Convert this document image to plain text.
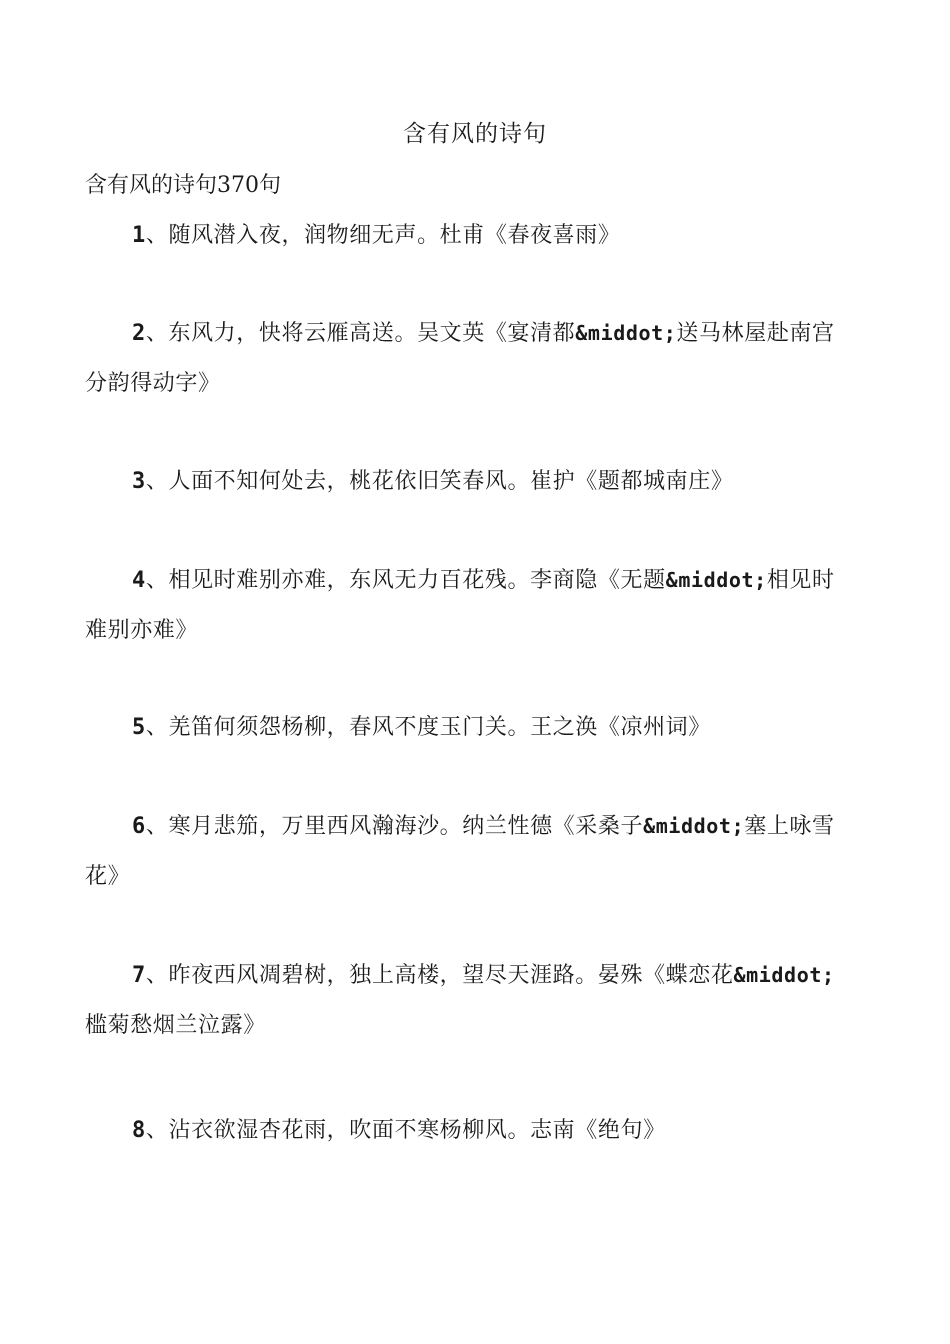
含有风的诗句
含有风的诗句370句
1、随风潜入夜，润物细无声。杜甫《春夜喜雨》
2、东风力，快将云雁高送。吴文英《宴清都&middot;送马林屋赴南宫分韵得动字》
3、人面不知何处去，桃花依旧笑春风。崔护《题都城南庄》
4、相见时难别亦难，东风无力百花残。李商隐《无题&middot;相见时难别亦难》
5、羌笛何须怨杨柳，春风不度玉门关。王之涣《凉州词》
6、寒月悲笳，万里西风瀚海沙。纳兰性德《采桑子&middot;塞上咏雪花》
7、昨夜西风凋碧树，独上高楼，望尽天涯路。晏殊《蝶恋花&middot;槛菊愁烟兰泣露》
8、沾衣欲湿杏花雨，吹面不寒杨柳风。志南《绝句》
